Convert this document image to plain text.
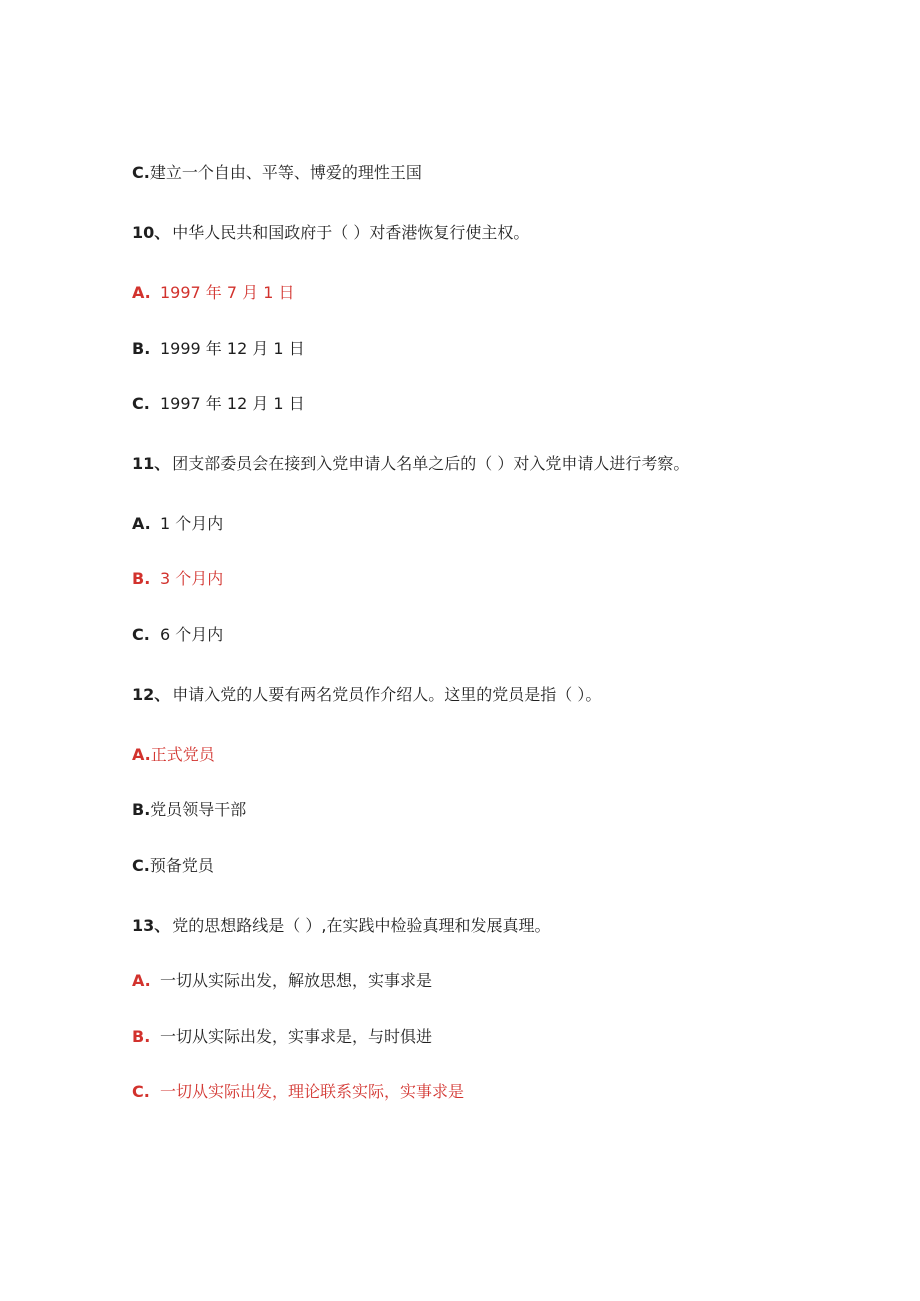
C.建立一个自由、平等、博爱的理性王国
10、 中华人民共和国政府于（ ）对香港恢复行使主权。
A. 1997 年 7 月 1 日
B. 1999 年 12 月 1 日
C. 1997 年 12 月 1 日
11、 团支部委员会在接到入党申请人名单之后的（ ）对入党申请人进行考察。
A. 1 个月内
B. 3 个月内
C. 6 个月内
12、 申请入党的人要有两名党员作介绍人。这里的党员是指（ ）。
A.正式党员
B.党员领导干部
C.预备党员
13、 党的思想路线是（ ）,在实践中检验真理和发展真理。
A. 一切从实际出发，解放思想，实事求是
B. 一切从实际出发，实事求是，与时俱进
C. 一切从实际出发，理论联系实际，实事求是
